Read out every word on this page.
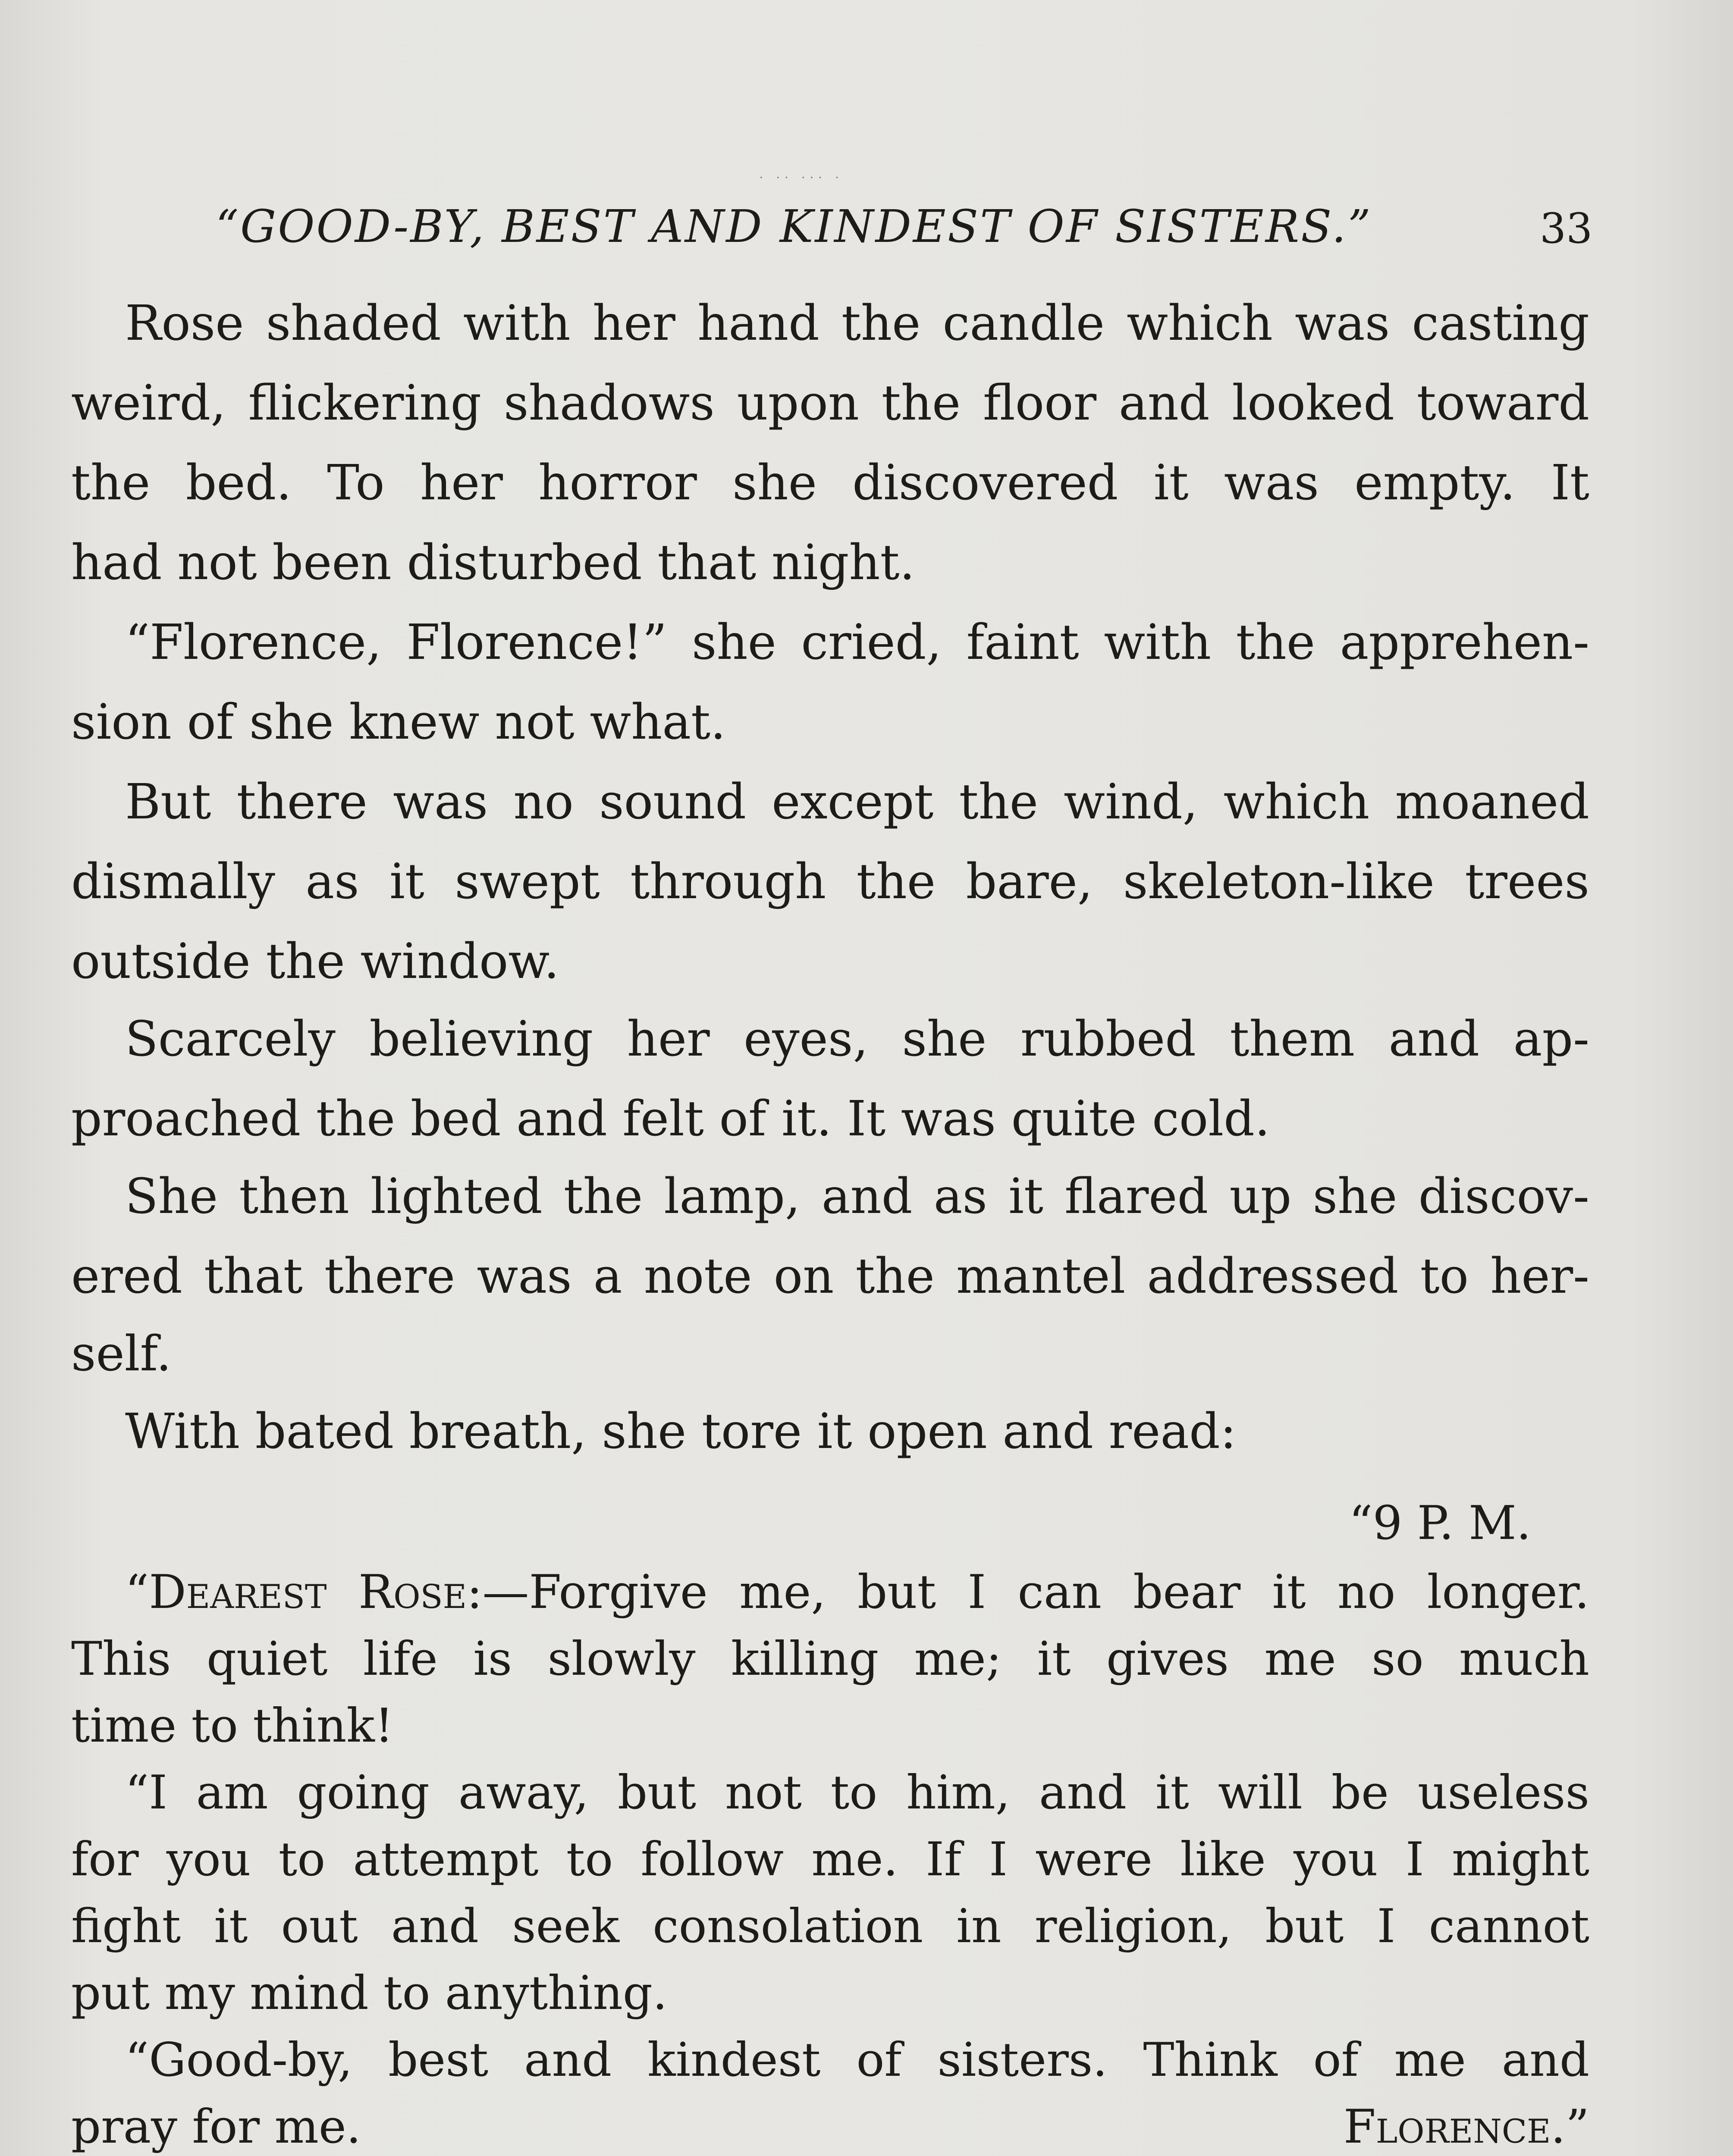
· ·· ··· ·
“GOOD-BY, BEST AND KINDEST OF SISTERS.”	33
Rose shaded with her hand the candle which was casting
weird, flickering shadows upon the floor and looked toward
the bed. To her horror she discovered it was empty. It
had not been disturbed that night.
“Florence, Florence!” she cried, faint with the apprehen-
sion of she knew not what.
But there was no sound except the wind, which moaned
dismally as it swept through the bare, skeleton-like trees
outside the window.
Scarcely believing her eyes, she rubbed them and ap-
proached the bed and felt of it. It was quite cold.
She then lighted the lamp, and as it flared up she discov-
ered that there was a note on the mantel addressed to her-
self.
With bated breath, she tore it open and read:
“9 P. M.
“Dearest Rose:—Forgive me, but I can bear it no longer.
This quiet life is slowly killing me; it gives me so much
time to think!
“I am going away, but not to him, and it will be useless
for you to attempt to follow me. If I were like you I might
fight it out and seek consolation in religion, but I cannot
put my mind to anything.
“Good-by, best and kindest of sisters. Think of me and
pray for me.	Florence.”
